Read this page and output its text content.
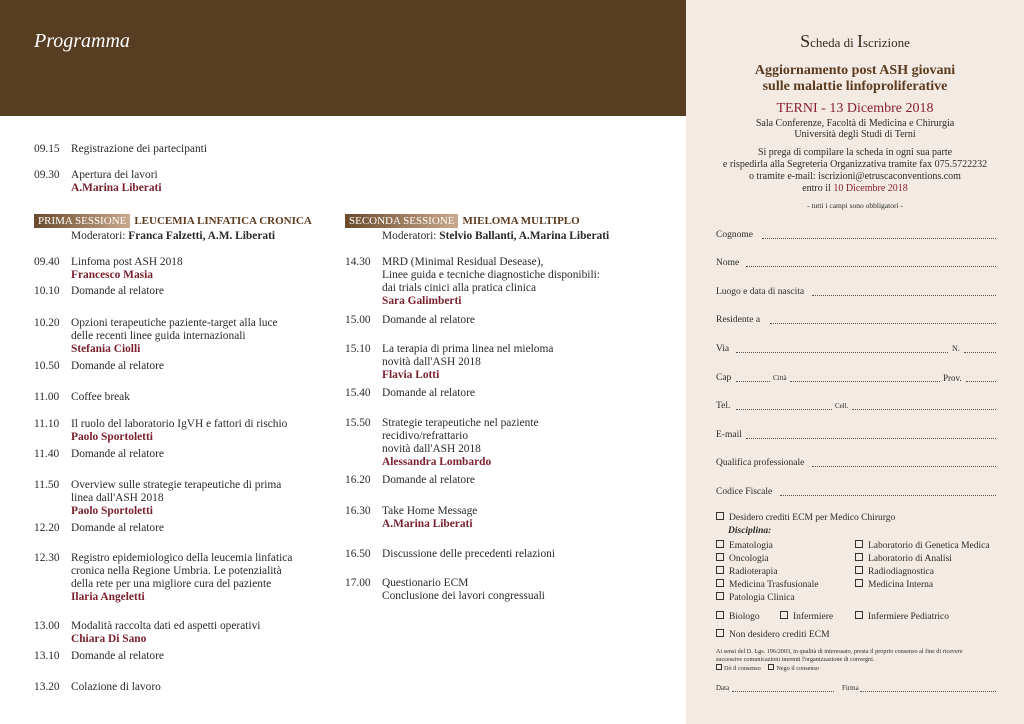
Programma
09.15 Registrazione dei partecipanti
09.30 Apertura dei lavori
A.Marina Liberati
PRIMA SESSIONE LEUCEMIA LINFATICA CRONICA
Moderatori: Franca Falzetti, A.M. Liberati
09.40 Linfoma post ASH 2018
Francesco Masia
10.10 Domande al relatore
10.20 Opzioni terapeutiche paziente-target alla luce
delle recenti linee guida internazionali
Stefania Ciolli
10.50 Domande al relatore
11.00	Coffee break
11.10	Il ruolo del laboratorio IgVH e fattori di rischio
Paolo Sportoletti
11.40	Domande al relatore
11.50	Overview sulle strategie terapeutiche di prima
linea dall'ASH 2018
Paolo Sportoletti
12.20 Domande al relatore
12.30 Registro epidemiologico della leucemia linfatica
cronica nella Regione Umbria. Le potenzialità
della rete per una migliore cura del paziente
Ilaria Angeletti
13.00 Modalità raccolta dati ed aspetti operativi
Chiara Di Sano
13.10 Domande al relatore
13.20 Colazione di lavoro
SECONDA SESSIONE MIELOMA MULTIPLO
Moderatori: Stelvio Ballanti, A.Marina Liberati
14.30 MRD (Minimal Residual Desease),
Linee guida e tecniche diagnostiche disponibili:
dai trials cinici alla pratica clinica
Sara Galimberti
15.00 Domande al relatore
15.10 La terapia di prima linea nel mieloma
novità dall'ASH 2018
Flavia Lotti
15.40 Domande al relatore
15.50 Strategie terapeutiche nel paziente
recidivo/refrattario
novità dall'ASH 2018
Alessandra Lombardo
16.20 Domande al relatore
16.30 Take Home Message
A.Marina Liberati
16.50 Discussione delle precedenti relazioni
17.00 Questionario ECM
Conclusione dei lavori congressuali
Scheda di Iscrizione
Aggiornamento post ASH giovani
sulle malattie linfoproliferative
TERNI - 13 Dicembre 2018
Sala Conferenze, Facoltà di Medicina e Chirurgia
Università degli Studi di Terni
Si prega di compilare la scheda in ogni sua parte
e rispedirla alla Segreteria Organizzativa tramite fax 075.5722232
o tramite e-mail: iscrizioni@etruscaconventions.com
entro il 10 Dicembre 2018
- tutti i campi sono obbligatori -
Cognome
Nome
Luogo e data di nascita
Residente a
Via	N.
Cap	Città	Prov.
Tel.	Cell.
E-mail
Qualifica professionale
Codice Fiscale
Desidero crediti ECM per Medico Chirurgo
Disciplina:
Ematologia
Oncologia
Radioterapia
Medicina Trasfusionale
Patologia Clinica
Laboratorio di Genetica Medica
Laboratorio di Analisi
Radiodiagnostica
Medicina Interna
Biologo	Infermiere	Infermiere Pediatrico
Non desidero crediti ECM
Ai sensi del D. Lgs. 196/2003, in qualità di interessato, presta il proprio consenso al fine di ricevere
successive comunicazioni inerenti l'organizzazione di convegni.
Dò il consenso	Nego il consenso
Data	Firma
